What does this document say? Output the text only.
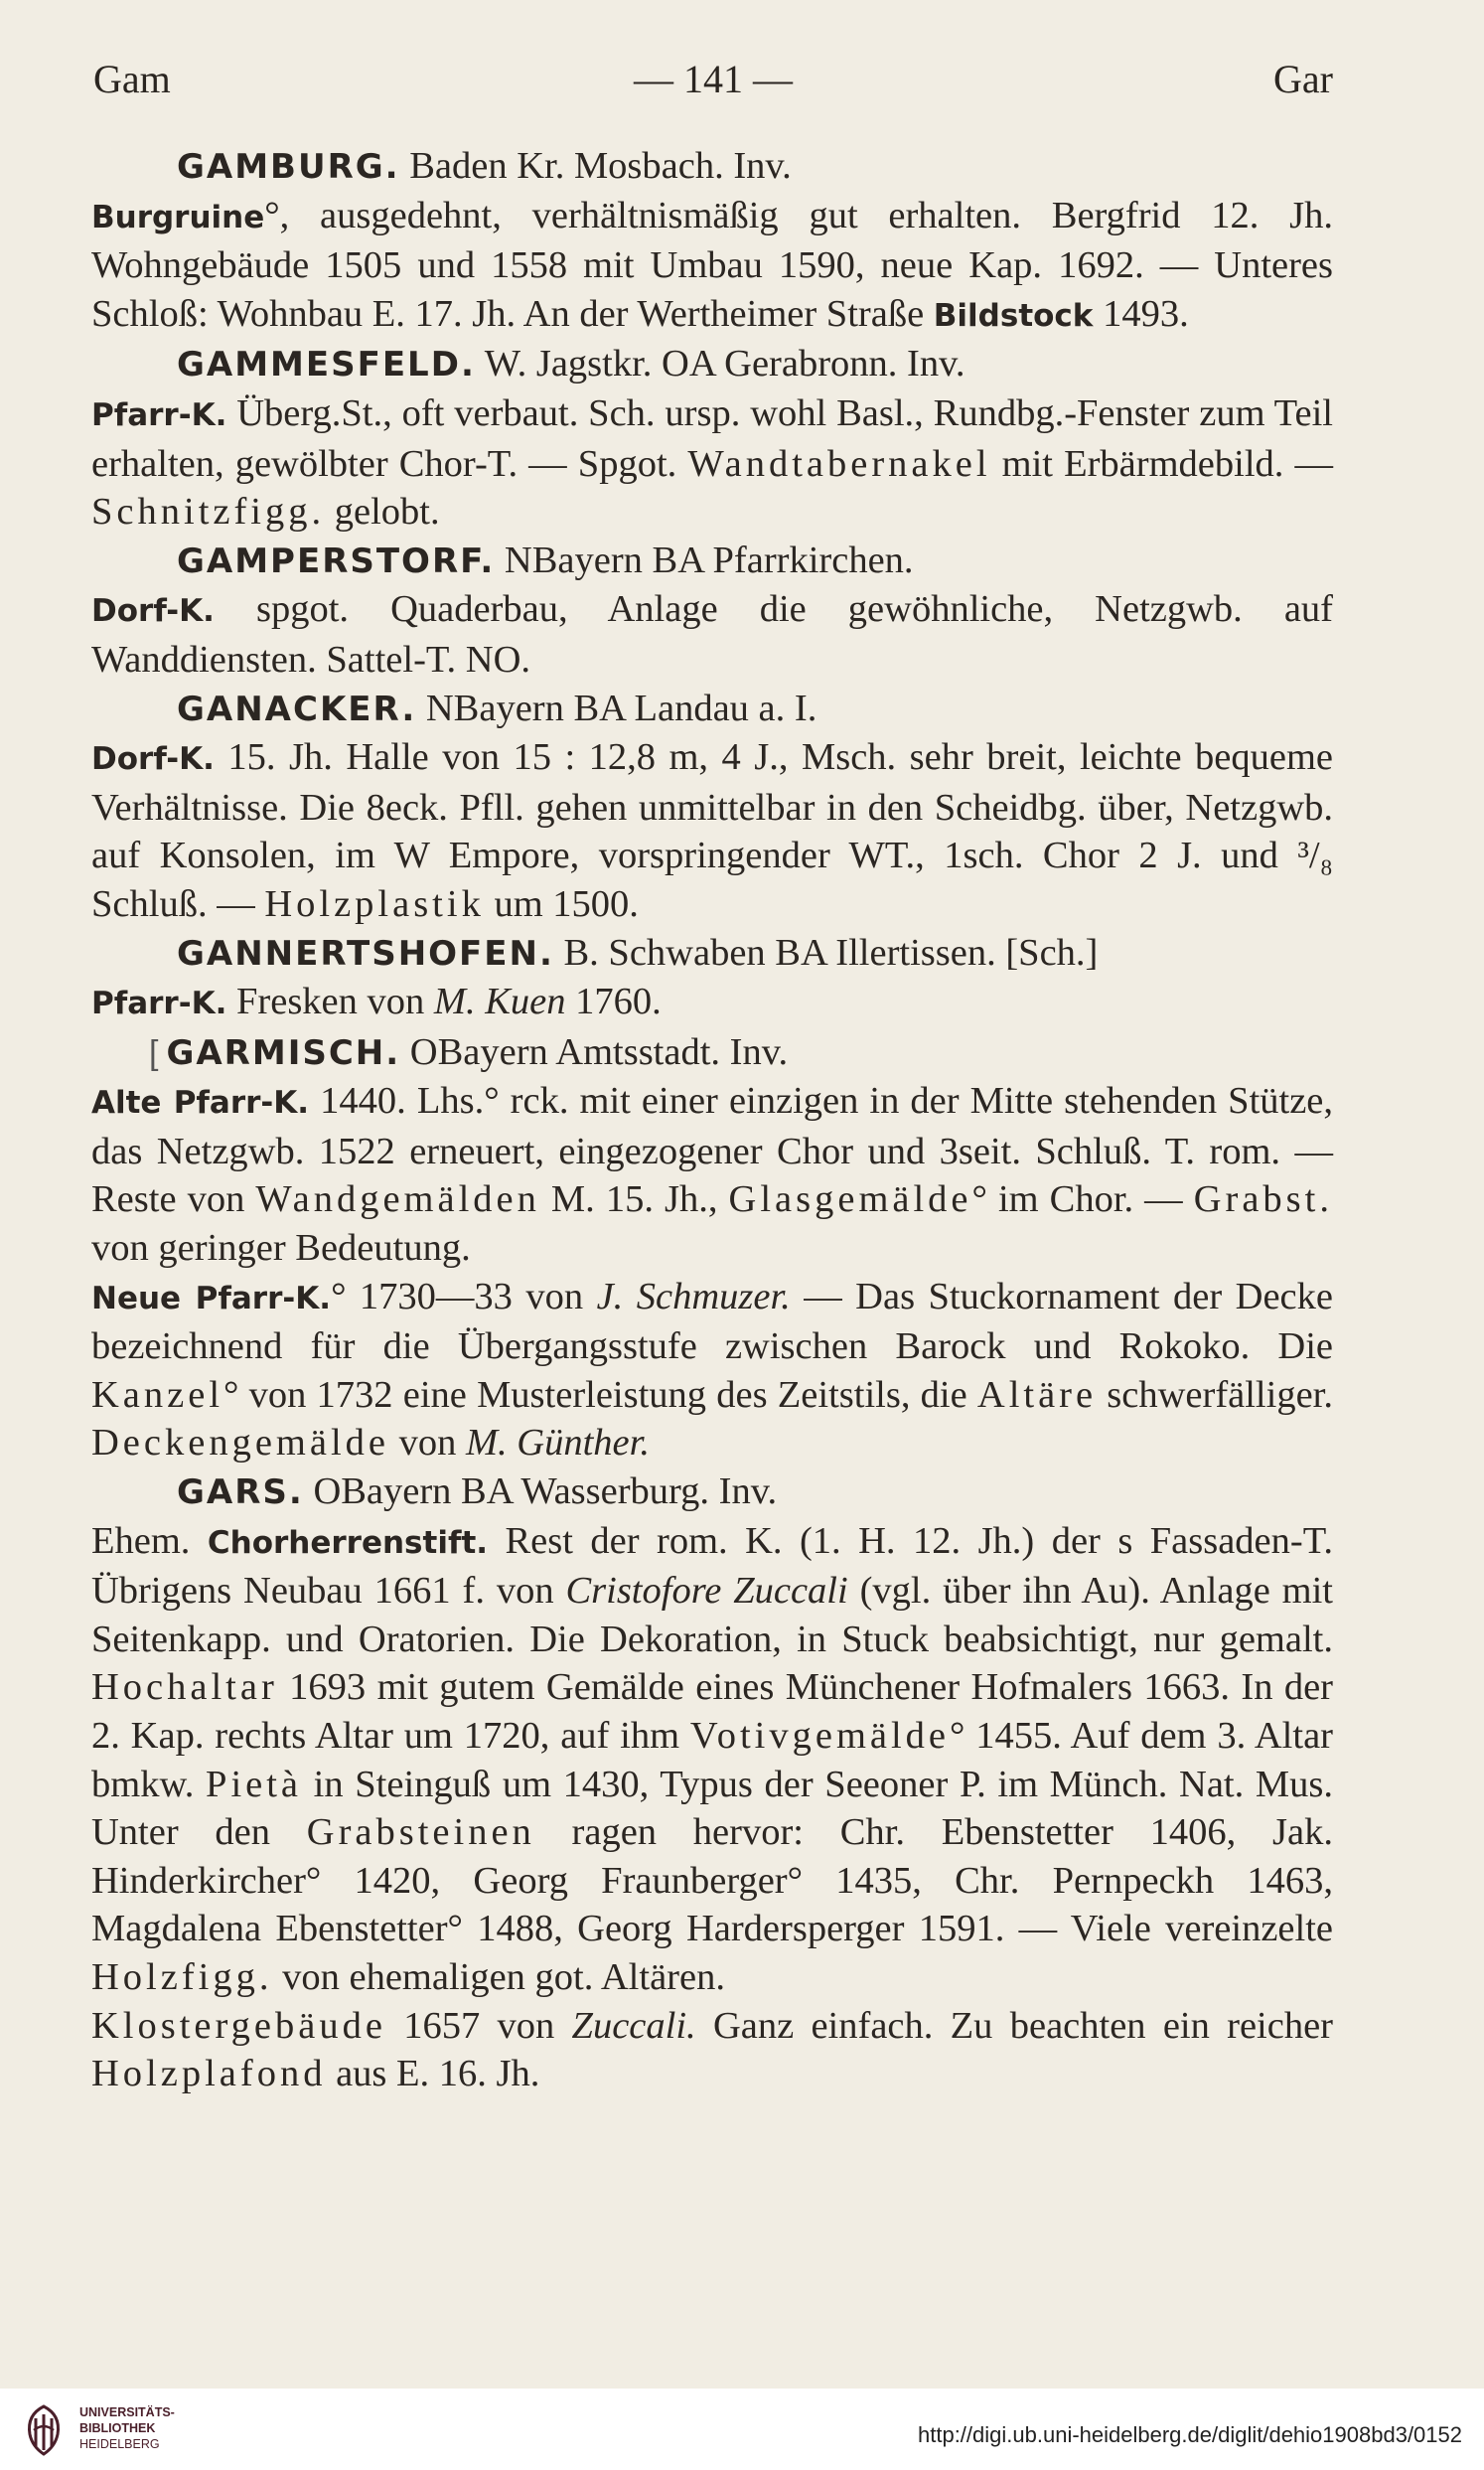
Gam	— 141 —	Gar

GAMBURG. Baden Kr. Mosbach. Inv.

Burgruine°, ausgedehnt, verhältnismäßig gut erhalten. Bergfrid 12. Jh. Wohngebäude 1505 und 1558 mit Umbau 1590, neue Kap. 1692. — Unteres Schloß: Wohnbau E. 17. Jh. An der Wertheimer Straße Bildstock 1493.

GAMMESFELD. W. Jagstkr. OA Gerabronn. Inv.

Pfarr-K. Überg.St., oft verbaut. Sch. ursp. wohl Basl., Rundbg.-Fenster zum Teil erhalten, gewölbter Chor-T. — Spgot. Wandtabernakel mit Erbärmdebild. — Schnitzfigg. gelobt.

GAMPERSTORF. NBayern BA Pfarrkirchen.

Dorf-K. spgot. Quaderbau, Anlage die gewöhnliche, Netzgwb. auf Wanddiensten. Sattel-T. NO.

GANACKER. NBayern BA Landau a. I.

Dorf-K. 15. Jh. Halle von 15 : 12,8 m, 4 J., Msch. sehr breit, leichte bequeme Verhältnisse. Die 8eck. Pfll. gehen unmittelbar in den Scheidbg. über, Netzgwb. auf Konsolen, im W Empore, vorspringender WT., 1sch. Chor 2 J. und ³/₈ Schluß. — Holzplastik um 1500.

GANNERTSHOFEN. B. Schwaben BA Illertissen. [Sch.]

Pfarr-K. Fresken von M. Kuen 1760.

[ GARMISCH. OBayern Amtsstadt. Inv.

Alte Pfarr-K. 1440. Lhs.° rck. mit einer einzigen in der Mitte stehenden Stütze, das Netzgwb. 1522 erneuert, eingezogener Chor und 3seit. Schluß. T. rom. — Reste von Wandgemälden M. 15. Jh., Glasgemälde° im Chor. — Grabst. von geringer Bedeutung.

Neue Pfarr-K.° 1730—33 von J. Schmuzer. — Das Stuckornament der Decke bezeichnend für die Übergangsstufe zwischen Barock und Rokoko. Die Kanzel° von 1732 eine Musterleistung des Zeitstils, die Altäre schwerfälliger. Deckengemälde von M. Günther.

GARS. OBayern BA Wasserburg. Inv.

Ehem. Chorherrenstift. Rest der rom. K. (1. H. 12. Jh.) der s Fassaden-T. Übrigens Neubau 1661 f. von Cristofore Zuccali (vgl. über ihn Au). Anlage mit Seitenkapp. und Oratorien. Die Dekoration, in Stuck beabsichtigt, nur gemalt. Hochaltar 1693 mit gutem Gemälde eines Münchener Hofmalers 1663. In der 2. Kap. rechts Altar um 1720, auf ihm Votivgemälde° 1455. Auf dem 3. Altar bmkw. Pietà in Steinguß um 1430, Typus der Seeoner P. im Münch. Nat. Mus. Unter den Grabsteinen ragen hervor: Chr. Ebenstetter 1406, Jak. Hinderkircher° 1420, Georg Fraunberger° 1435, Chr. Pernpeckh 1463, Magdalena Ebenstetter° 1488, Georg Hardersperger 1591. — Viele vereinzelte Holzfigg. von ehemaligen got. Altären.

Klostergebäude 1657 von Zuccali. Ganz einfach. Zu beachten ein reicher Holzplafond aus E. 16. Jh.

UNIVERSITÄTS-
BIBLIOTHEK
HEIDELBERG	http://digi.ub.uni-heidelberg.de/diglit/dehio1908bd3/0152
